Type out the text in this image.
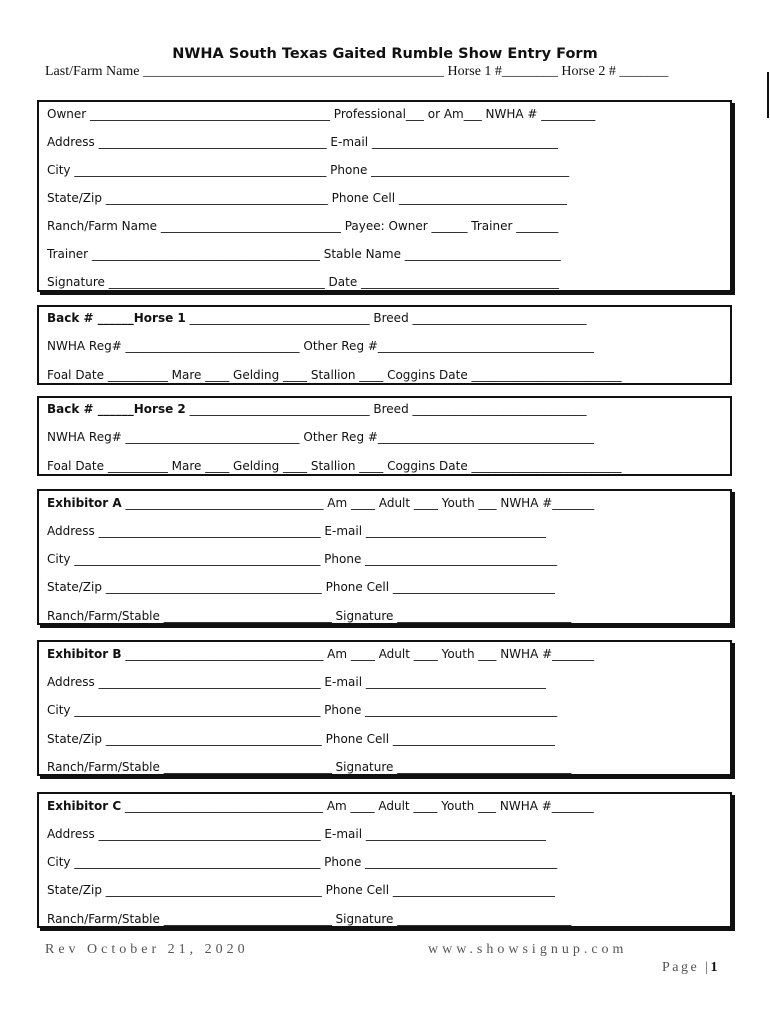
NWHA South Texas Gaited Rumble Show Entry Form
Last/Farm Name ___________________________________________ Horse 1 #________ Horse 2 # _______
Owner ________________________________________ Professional___ or Am___ NWHA # _________
Address ______________________________________ E-mail _______________________________
City __________________________________________ Phone _________________________________
State/Zip _____________________________________ Phone Cell ____________________________
Ranch/Farm Name ______________________________ Payee: Owner ______ Trainer _______
Trainer ______________________________________ Stable Name __________________________
Signature ____________________________________ Date _________________________________
Back # ______Horse 1 ______________________________ Breed _____________________________
NWHA Reg# _____________________________ Other Reg #____________________________________
Foal Date __________ Mare ____ Gelding ____ Stallion ____ Coggins Date _________________________
Back # ______Horse 2 ______________________________ Breed _____________________________
NWHA Reg# _____________________________ Other Reg #____________________________________
Foal Date __________ Mare ____ Gelding ____ Stallion ____ Coggins Date _________________________
Exhibitor A _________________________________ Am ____ Adult ____ Youth ___ NWHA #_______
Address _____________________________________ E-mail ______________________________
City _________________________________________ Phone ________________________________
State/Zip ____________________________________ Phone Cell ___________________________
Ranch/Farm/Stable ____________________________ Signature _____________________________
Exhibitor B _________________________________ Am ____ Adult ____ Youth ___ NWHA #_______
Address _____________________________________ E-mail ______________________________
City _________________________________________ Phone ________________________________
State/Zip ____________________________________ Phone Cell ___________________________
Ranch/Farm/Stable ____________________________ Signature _____________________________
Exhibitor C _________________________________ Am ____ Adult ____ Youth ___ NWHA #_______
Address _____________________________________ E-mail ______________________________
City _________________________________________ Phone ________________________________
State/Zip ____________________________________ Phone Cell ___________________________
Ranch/Farm/Stable ____________________________ Signature _____________________________
Rev October 21, 2020	www.showsignup.com
Page |1
